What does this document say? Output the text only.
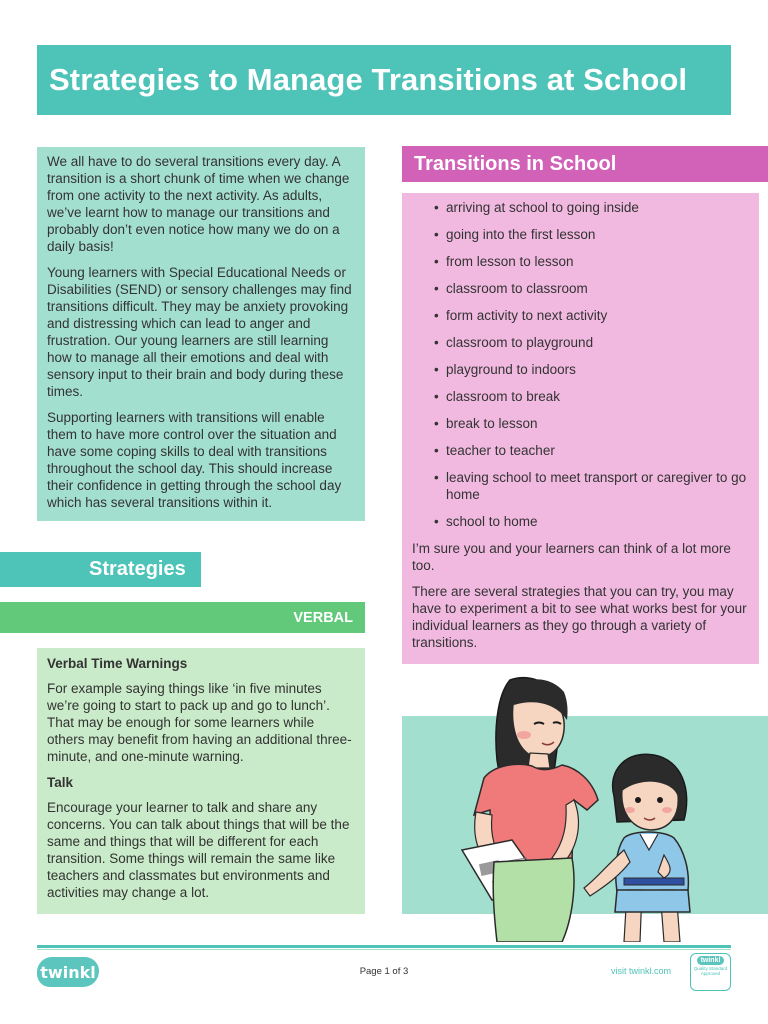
Strategies to Manage Transitions at School

We all have to do several transitions every day. A transition is a short chunk of time when we change from one activity to the next activity. As adults, we’ve learnt how to manage our transitions and probably don’t even notice how many we do on a daily basis!

Young learners with Special Educational Needs or Disabilities (SEND) or sensory challenges may find transitions difficult. They may be anxiety provoking and distressing which can lead to anger and frustration. Our young learners are still learning how to manage all their emotions and deal with sensory input to their brain and body during these times.

Supporting learners with transitions will enable them to have more control over the situation and have some coping skills to deal with transitions throughout the school day. This should increase their confidence in getting through the school day which has several transitions within it.

Strategies
VERBAL
Verbal Time Warnings

For example saying things like ‘in five minutes we’re going to start to pack up and go to lunch’. That may be enough for some learners while others may benefit from having an additional three-minute, and one-minute warning.

Talk

Encourage your learner to talk and share any concerns. You can talk about things that will be the same and things that will be different for each transition. Some things will remain the same like teachers and classmates but environments and activities may change a lot.

Transitions in School
• arriving at school to going inside
• going into the first lesson
• from lesson to lesson
• classroom to classroom
• form activity to next activity
• classroom to playground
• playground to indoors
• classroom to break
• break to lesson
• teacher to teacher
• leaving school to meet transport or caregiver to go home
• school to home

I’m sure you and your learners can think of a lot more too.

There are several strategies that you can try, you may have to experiment a bit to see what works best for your individual learners as they go through a variety of transitions.

twinkl	Page 1 of 3	visit twinkl.com
twinkl
Quality Standard Approved
